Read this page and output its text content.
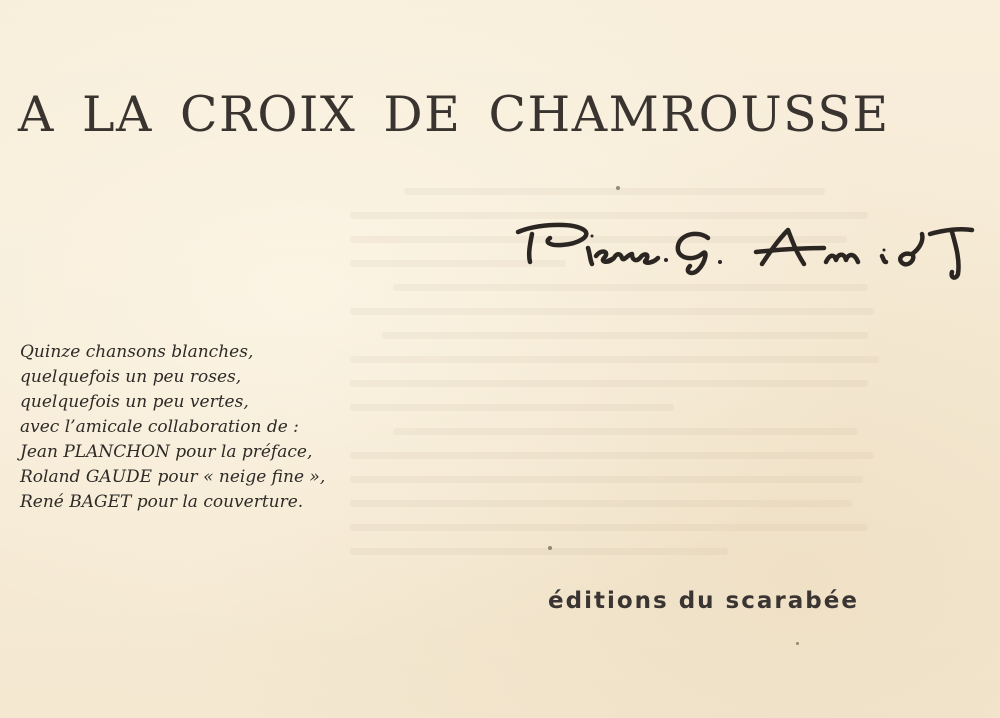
A LA CROIX DE CHAMROUSSE
Quinze chansons blanches,
quelquefois un peu roses,
quelquefois un peu vertes,
avec l’amicale collaboration de :
Jean PLANCHON pour la préface,
Roland GAUDE pour « neige fine »,
René BAGET pour la couverture.
éditions du scarabée
